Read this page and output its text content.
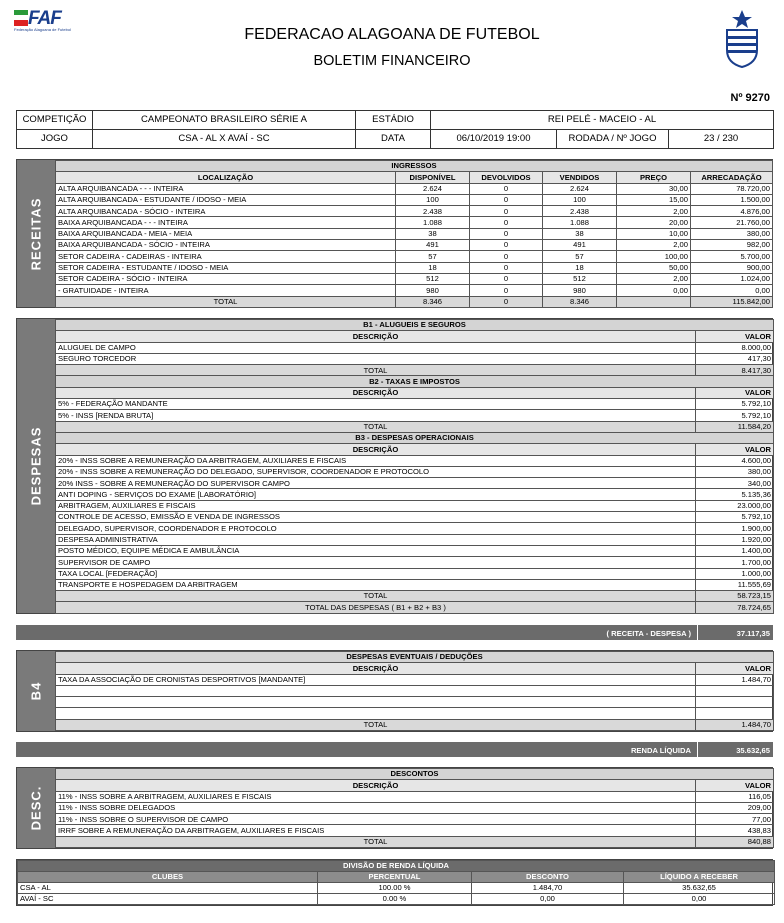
FAF
Federação Alagoana de Futebol	FEDERACAO ALAGOANA DE FUTEBOL
BOLETIM FINANCEIRO
Nº 9270
COMPETIÇÃO	CAMPEONATO BRASILEIRO SÉRIE A	ESTÁDIO	REI PELÉ - MACEIO - AL		
JOGO	CSA - AL X AVAÍ - SC	DATA	06/10/2019 19:00	RODADA / Nº JOGO	23 / 230
RECEITAS
INGRESSOS					
LOCALIZAÇÃO	DISPONÍVEL	DEVOLVIDOS	VENDIDOS	PREÇO	ARRECADAÇÃO
ALTA ARQUIBANCADA - - - INTEIRA	2.624	0	2.624	30,00	78.720,00
ALTA ARQUIBANCADA - ESTUDANTE / IDOSO - MEIA	100	0	100	15,00	1.500,00
ALTA ARQUIBANCADA - SÓCIO - INTEIRA	2.438	0	2.438	2,00	4.876,00
BAIXA ARQUIBANCADA - - - INTEIRA	1.088	0	1.088	20,00	21.760,00
BAIXA ARQUIBANCADA - MEIA - MEIA	38	0	38	10,00	380,00
BAIXA ARQUIBANCADA - SÓCIO - INTEIRA	491	0	491	2,00	982,00
SETOR CADEIRA - CADEIRAS - INTEIRA	57	0	57	100,00	5.700,00
SETOR CADEIRA - ESTUDANTE / IDOSO - MEIA	18	0	18	50,00	900,00
SETOR CADEIRA - SÓCIO - INTEIRA	512	0	512	2,00	1.024,00
- GRATUIDADE - INTEIRA	980	0	980	0,00	0,00
TOTAL	8.346	0	8.346		115.842,00
DESPESAS
B1 - ALUGUEIS E SEGUROS	
DESCRIÇÃO	VALOR
ALUGUEL DE CAMPO	8.000,00
SEGURO TORCEDOR	417,30
TOTAL	8.417,30
B2 - TAXAS E IMPOSTOS	
DESCRIÇÃO	VALOR
5% - FEDERAÇÃO MANDANTE	5.792,10
5% - INSS [RENDA BRUTA]	5.792,10
TOTAL	11.584,20
B3 - DESPESAS OPERACIONAIS	
DESCRIÇÃO	VALOR
20% - INSS SOBRE A REMUNERAÇÃO DA ARBITRAGEM, AUXILIARES E FISCAIS	4.600,00
20% - INSS SOBRE A REMUNERAÇÃO DO DELEGADO, SUPERVISOR, COORDENADOR E PROTOCOLO	380,00
20% INSS - SOBRE A REMUNERAÇÃO DO SUPERVISOR CAMPO	340,00
ANTI DOPING - SERVIÇOS DO EXAME [LABORATÓRIO]	5.135,36
ARBITRAGEM, AUXILIARES E FISCAIS	23.000,00
CONTROLE DE ACESSO, EMISSÃO E VENDA DE INGRESSOS	5.792,10
DELEGADO, SUPERVISOR, COORDENADOR E PROTOCOLO	1.900,00
DESPESA ADMINISTRATIVA	1.920,00
POSTO MÉDICO, EQUIPE MÉDICA E AMBULÂNCIA	1.400,00
SUPERVISOR DE CAMPO	1.700,00
TAXA LOCAL [FEDERAÇÃO]	1.000,00
TRANSPORTE E HOSPEDAGEM DA ARBITRAGEM	11.555,69
TOTAL	58.723,15
TOTAL DAS DESPESAS ( B1 + B2 + B3 )	78.724,65
( RECEITA - DESPESA )	37.117,35
B4
DESPESAS EVENTUAIS / DEDUÇÕES	
DESCRIÇÃO	VALOR
TAXA DA ASSOCIAÇÃO DE CRONISTAS DESPORTIVOS [MANDANTE]	1.484,70

TOTAL	1.484,70
RENDA LÍQUIDA	35.632,65
DESC.
DESCONTOS	
DESCRIÇÃO	VALOR
11% - INSS SOBRE A ARBITRAGEM, AUXILIARES E FISCAIS	116,05
11% - INSS SOBRE DELEGADOS	209,00
11% - INSS SOBRE O SUPERVISOR DE CAMPO	77,00
IRRF SOBRE A REMUNERAÇÃO DA ARBITRAGEM, AUXILIARES E FISCAIS	438,83
TOTAL	840,88
DIVISÃO DE RENDA LÍQUIDA			
CLUBES	PERCENTUAL	DESCONTO	LÍQUIDO A RECEBER
CSA - AL	100.00 %	1.484,70	35.632,65
AVAÍ - SC	0.00 %	0,00	0,00
